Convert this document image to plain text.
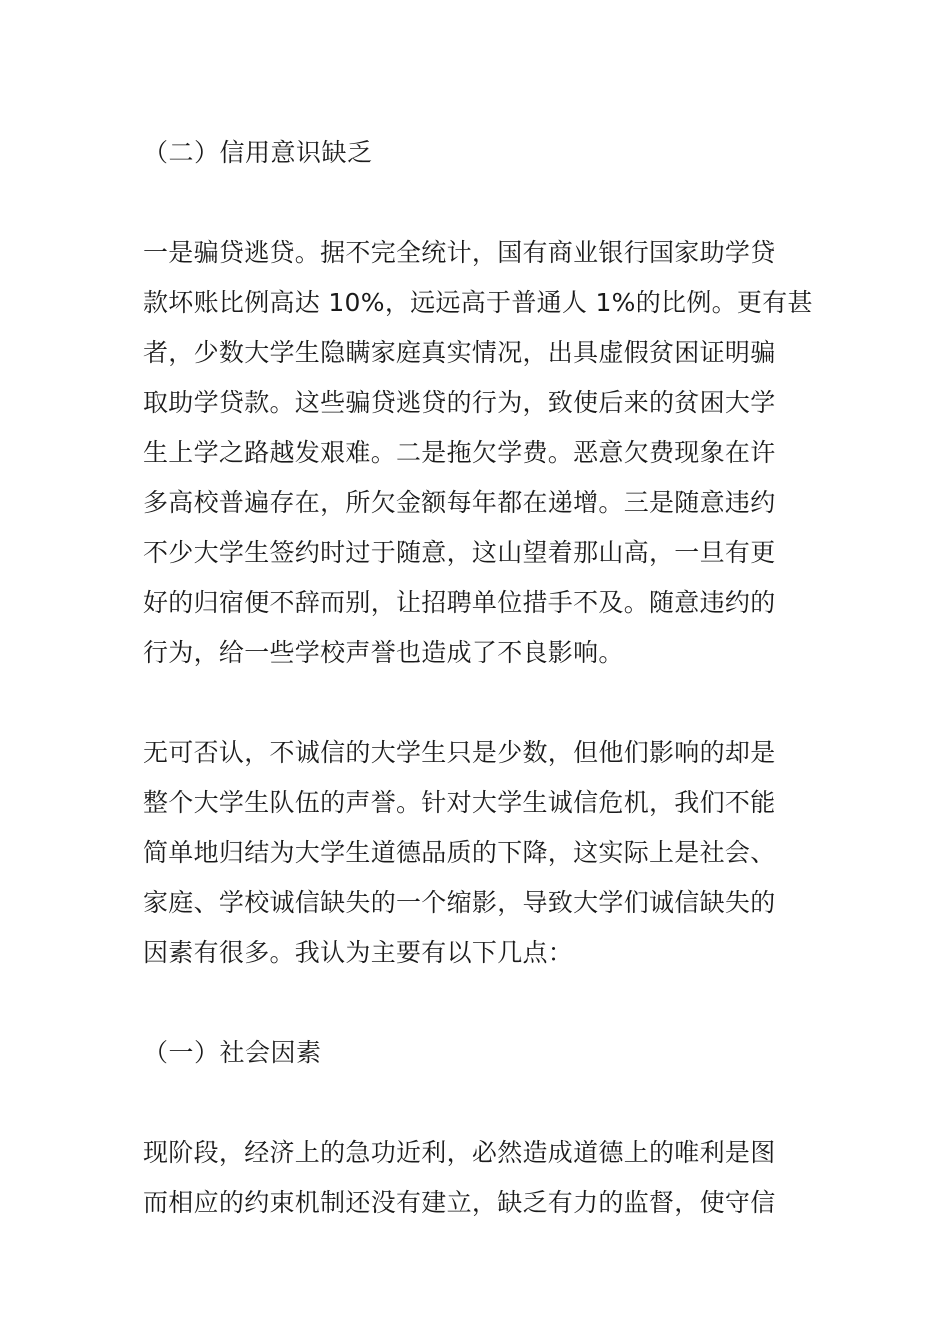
（二）信用意识缺乏

一是骗贷逃贷。据不完全统计，国有商业银行国家助学贷
款坏账比例高达 10%，远远高于普通人 1%的比例。更有甚
者，少数大学生隐瞒家庭真实情况，出具虚假贫困证明骗
取助学贷款。这些骗贷逃贷的行为，致使后来的贫困大学
生上学之路越发艰难。二是拖欠学费。恶意欠费现象在许
多高校普遍存在，所欠金额每年都在递增。三是随意违约
不少大学生签约时过于随意，这山望着那山高，一旦有更
好的归宿便不辞而别，让招聘单位措手不及。随意违约的
行为，给一些学校声誉也造成了不良影响。
无可否认，不诚信的大学生只是少数，但他们影响的却是
整个大学生队伍的声誉。针对大学生诚信危机，我们不能
简单地归结为大学生道德品质的下降，这实际上是社会、
家庭、学校诚信缺失的一个缩影，导致大学们诚信缺失的
因素有很多。我认为主要有以下几点：

（一）社会因素

现阶段，经济上的急功近利，必然造成道德上的唯利是图
而相应的约束机制还没有建立，缺乏有力的监督，使守信
